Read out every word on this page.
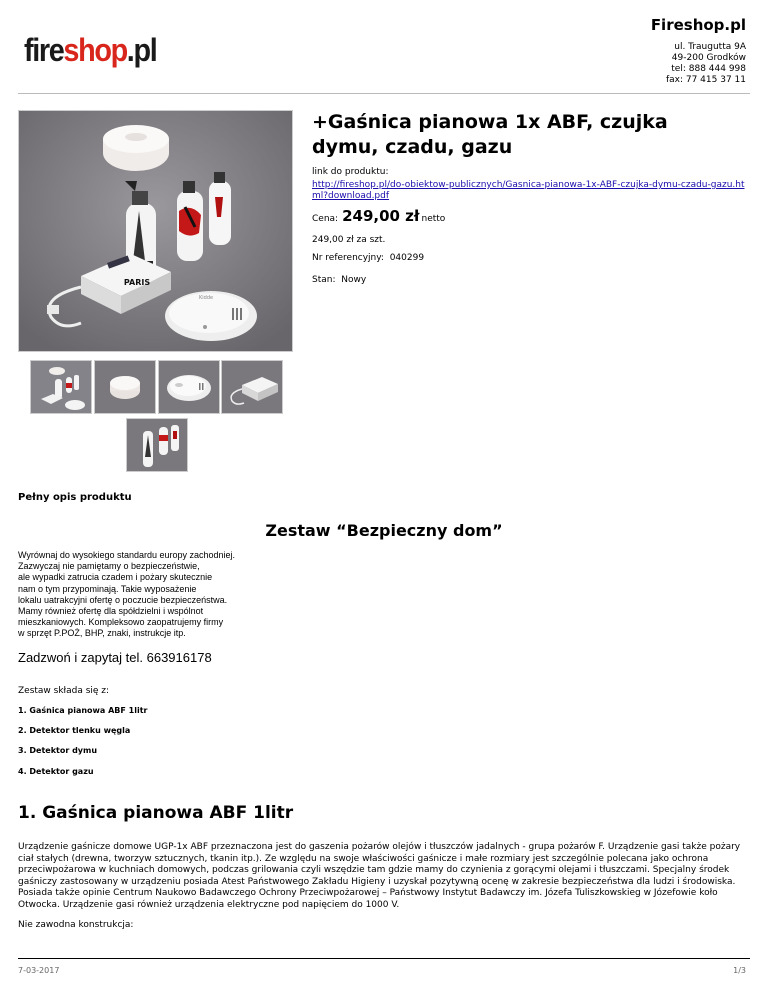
Fireshop.pl
fireshop.pl	ul. Traugutta 9A
49-200 Grodków
tel: 888 444 998
fax: 77 415 37 11
PARIS
Kidde
+Gaśnica pianowa 1x ABF, czujka dymu, czadu, gazu
link do produktu:
http://fireshop.pl/do-obiektow-publicznych/Gasnica-pianowa-1x-ABF-czujka-dymu-czadu-gazu.html?download.pdf
Cena: 249,00 zł netto
249,00 zł za szt.
Nr referencyjny: 040299
Stan: Nowy
Pełny opis produktu
Zestaw “Bezpieczny dom”
Wyrównaj do wysokiego standardu europy zachodniej.
Zazwyczaj nie pamiętamy o bezpieczeństwie,
ale wypadki zatrucia czadem i pożary skutecznie
nam o tym przypominają. Takie wyposażenie
lokalu uatrakcyjni ofertę o poczucie bezpieczeństwa.
Mamy również ofertę dla spółdzielni i wspólnot
mieszkaniowych. Kompleksowo zaopatrujemy firmy
w sprzęt P.POŻ, BHP, znaki, instrukcje itp.
Zadzwoń i zapytaj tel. 663916178
Zestaw składa się z:
1. Gaśnica pianowa ABF 1litr
2. Detektor tlenku węgla
3. Detektor dymu
4. Detektor gazu
1. Gaśnica pianowa ABF 1litr
Urządzenie gaśnicze domowe UGP-1x ABF przeznaczona jest do gaszenia pożarów olejów i tłuszczów jadalnych - grupa pożarów F. Urządzenie gasi także pożary ciał stałych (drewna, tworzyw sztucznych, tkanin itp.). Ze względu na swoje właściwości gaśnicze i małe rozmiary jest szczególnie polecana jako ochrona przeciwpożarowa w kuchniach domowych, podczas grilowania czyli wszędzie tam gdzie mamy do czynienia z gorącymi olejami i tłuszczami. Specjalny środek gaśniczy zastosowany w urządzeniu posiada Atest Państwowego Zakładu Higieny i uzyskał pozytywną ocenę w zakresie bezpieczeństwa dla ludzi i środowiska. Posiada także opinie Centrum Naukowo Badawczego Ochrony Przeciwpożarowej – Państwowy Instytut Badawczy im. Józefa Tuliszkowskieg w Józefowie koło Otwocka. Urządzenie gasi również urządzenia elektryczne pod napięciem do 1000 V.
Nie zawodna konstrukcja:
7-03-2017	1/3
